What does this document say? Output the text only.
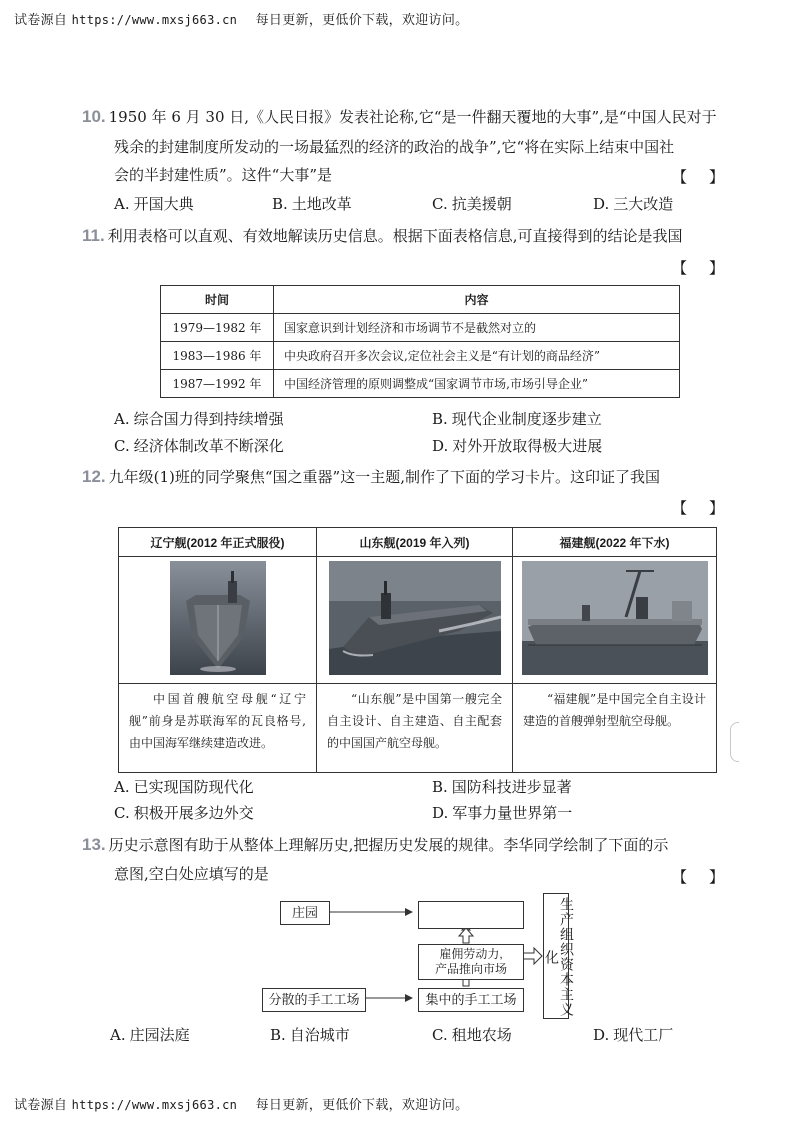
试卷源自 https://www.mxsj663.cn 每日更新，更低价下载，欢迎访问。
10. 1950 年 6 月 30 日,《人民日报》发表社论称,它“是一件翻天覆地的大事”,是“中国人民对于
残余的封建制度所发动的一场最猛烈的经济的政治的战争”,它“将在实际上结束中国社
会的半封建性质”。这件“大事”是	【】
A. 开国大典	B. 土地改革	C. 抗美援朝	D. 三大改造
11. 利用表格可以直观、有效地解读历史信息。根据下面表格信息,可直接得到的结论是我国
【】
时间	内容
1979—1982 年	国家意识到计划经济和市场调节不是截然对立的
1983—1986 年	中央政府召开多次会议,定位社会主义是“有计划的商品经济”
1987—1992 年	中国经济管理的原则调整成“国家调节市场,市场引导企业”
A. 综合国力得到持续增强	B. 现代企业制度逐步建立
C. 经济体制改革不断深化	D. 对外开放取得极大进展
12. 九年级(1)班的同学聚焦“国之重器”这一主题,制作了下面的学习卡片。这印证了我国
【】
辽宁舰(2012 年正式服役)	山东舰(2019 年入列)	福建舰(2022 年下水)

中国首艘航空母舰“辽宁舰”前身是苏联海军的瓦良格号,由中国海军继续建造改进。	“山东舰”是中国第一艘完全自主设计、自主建造、自主配套的中国国产航空母舰。	“福建舰”是中国完全自主设计建造的首艘弹射型航空母舰。
A. 已实现国防现代化	B. 国防科技进步显著
C. 积极开展多边外交	D. 军事力量世界第一
13. 历史示意图有助于从整体上理解历史,把握历史发展的规律。李华同学绘制了下面的示
意图,空白处应填写的是	【】
庄园
雇佣劳动力,
产品推向市场
分散的手工工场	集中的手工工场	生产组织资本主义化
A. 庄园法庭	B. 自治城市	C. 租地农场	D. 现代工厂
试卷源自 https://www.mxsj663.cn 每日更新，更低价下载，欢迎访问。
